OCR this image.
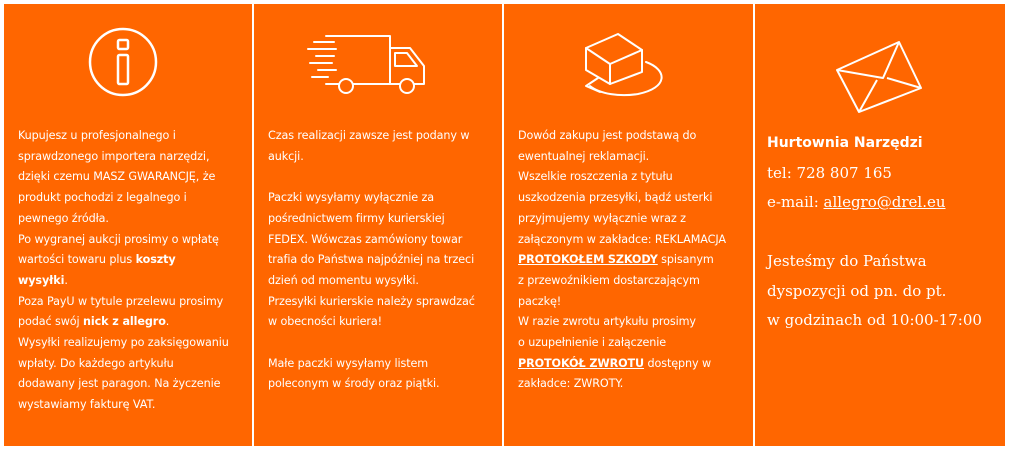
Kupujesz u profesjonalnego i
sprawdzonego importera narzędzi,
dzięki czemu MASZ GWARANCJĘ, że
produkt pochodzi z legalnego i
pewnego źródła.
Po wygranej aukcji prosimy o wpłatę
wartości towaru plus koszty
wysyłki.
Poza PayU w tytule przelewu prosimy
podać swój nick z allegro.
Wysyłki realizujemy po zaksięgowaniu
wpłaty. Do każdego artykułu
dodawany jest paragon. Na życzenie
wystawiamy fakturę VAT.
Czas realizacji zawsze jest podany w
aukcji.

Paczki wysyłamy wyłącznie za
pośrednictwem firmy kurierskiej
FEDEX. Wówczas zamówiony towar
trafia do Państwa najpóźniej na trzeci
dzień od momentu wysyłki.
Przesyłki kurierskie należy sprawdzać
w obecności kuriera!

Małe paczki wysyłamy listem
poleconym w środy oraz piątki.
Dowód zakupu jest podstawą do
ewentualnej reklamacji.
Wszelkie roszczenia z tytułu
uszkodzenia przesyłki, bądź usterki
przyjmujemy wyłącznie wraz z
załączonym w zakładce: REKLAMACJA
PROTOKOŁEM SZKODY spisanym
z przewoźnikiem dostarczającym
paczkę!
W razie zwrotu artykułu prosimy
o uzupełnienie i załączenie
PROTOKÓŁ ZWROTU dostępny w
zakładce: ZWROTY.
Hurtownia Narzędzi
tel: 728 807 165
e-mail: allegro@drel.eu

Jesteśmy do Państwa
dyspozycji od pn. do pt.
w godzinach od 10:00-17:00
